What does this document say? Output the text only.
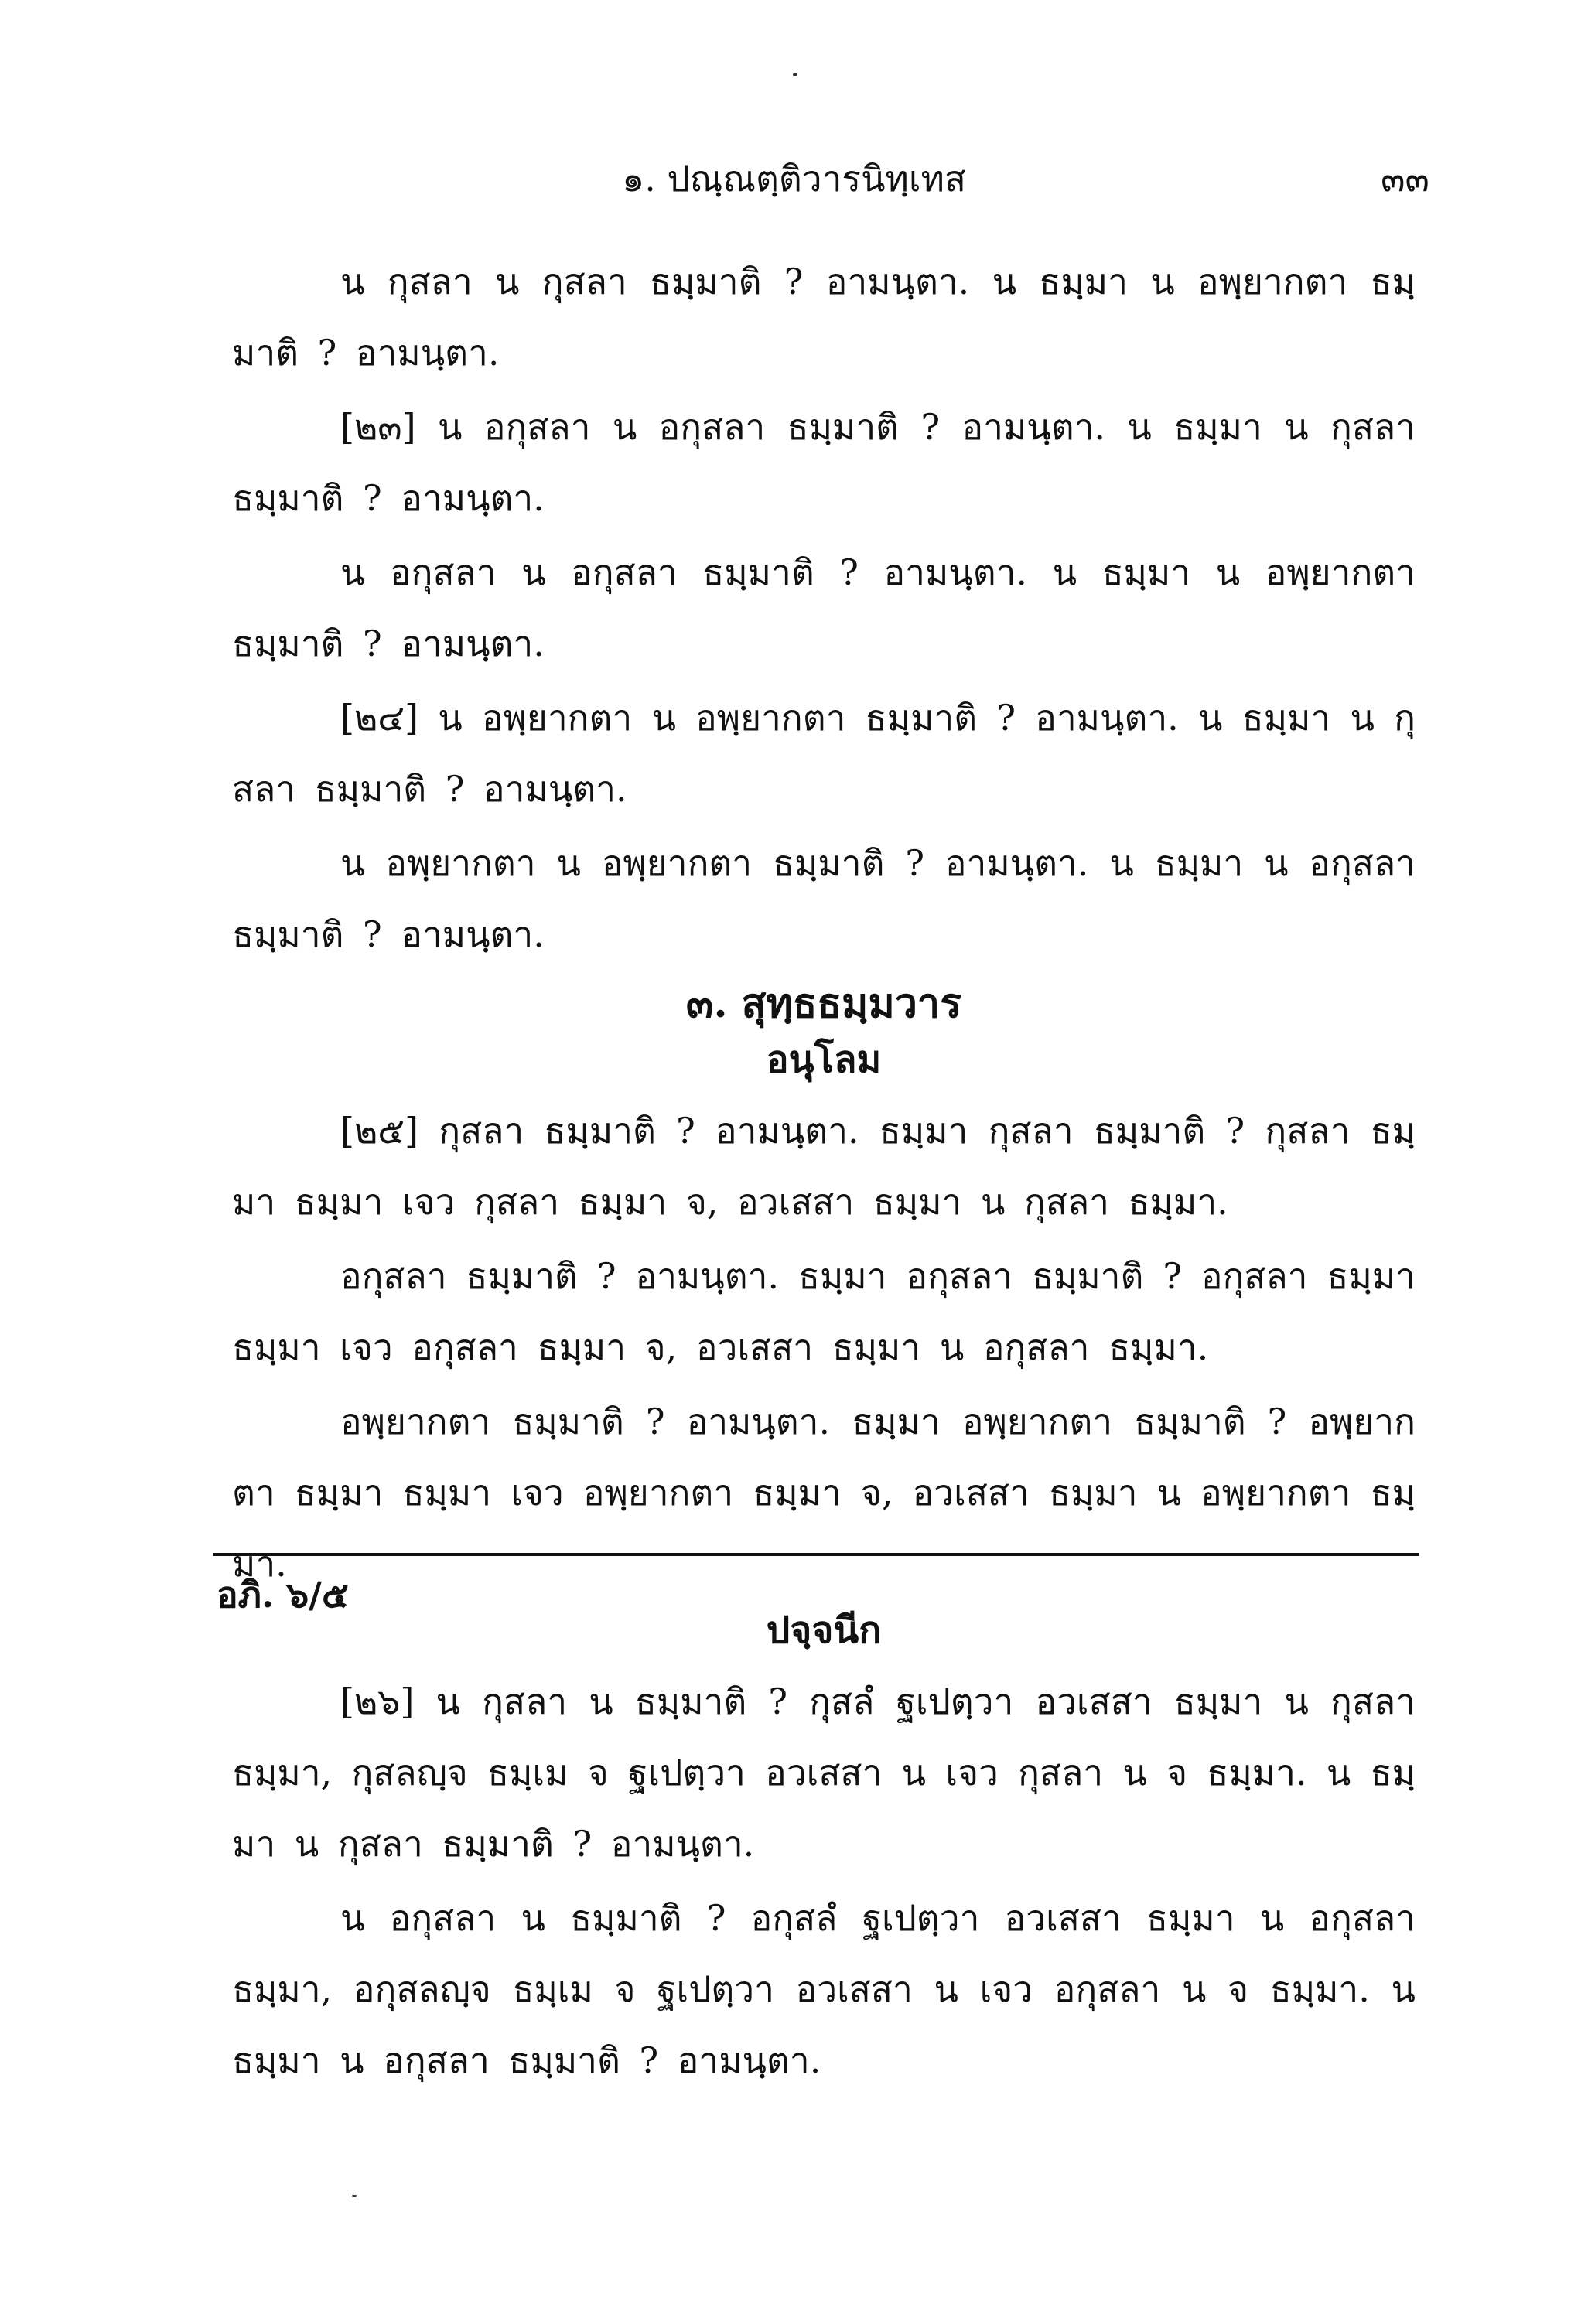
๑. ปณฺณตฺติวารนิทฺเทส	๓๓

น กุสลา น กุสลา ธมฺมาติ ? อามนฺตา. น ธมฺมา น อพฺยากตา ธมฺมาติ ? อามนฺตา.

[๒๓] น อกุสลา น อกุสลา ธมฺมาติ ? อามนฺตา. น ธมฺมา น กุสลา ธมฺมาติ ? อามนฺตา.

น อกุสลา น อกุสลา ธมฺมาติ ? อามนฺตา. น ธมฺมา น อพฺยากตา ธมฺมาติ ? อามนฺตา.

[๒๔] น อพฺยากตา น อพฺยากตา ธมฺมาติ ? อามนฺตา. น ธมฺมา น กุสลา ธมฺมาติ ? อามนฺตา.

น อพฺยากตา น อพฺยากตา ธมฺมาติ ? อามนฺตา. น ธมฺมา น อกุสลา ธมฺมาติ ? อามนฺตา.

๓. สุทฺธธมฺมวาร
อนุโลม

[๒๕] กุสลา ธมฺมาติ ? อามนฺตา. ธมฺมา กุสลา ธมฺมาติ ? กุสลา ธมฺมา ธมฺมา เจว กุสลา ธมฺมา จ, อวเสสา ธมฺมา น กุสลา ธมฺมา.

อกุสลา ธมฺมาติ ? อามนฺตา. ธมฺมา อกุสลา ธมฺมาติ ? อกุสลา ธมฺมา ธมฺมา เจว อกุสลา ธมฺมา จ, อวเสสา ธมฺมา น อกุสลา ธมฺมา.

อพฺยากตา ธมฺมาติ ? อามนฺตา. ธมฺมา อพฺยากตา ธมฺมาติ ? อพฺยากตา ธมฺมา ธมฺมา เจว อพฺยากตา ธมฺมา จ, อวเสสา ธมฺมา น อพฺยากตา ธมฺมา.

ปจฺจนีก

[๒๖] น กุสลา น ธมฺมาติ ? กุสลํ ฐเปตฺวา อวเสสา ธมฺมา น กุสลา ธมฺมา, กุสลญฺจ ธมฺเม จ ฐเปตฺวา อวเสสา น เจว กุสลา น จ ธมฺมา. น ธมฺมา น กุสลา ธมฺมาติ ? อามนฺตา.

น อกุสลา น ธมฺมาติ ? อกุสลํ ฐเปตฺวา อวเสสา ธมฺมา น อกุสลา ธมฺมา, อกุสลญฺจ ธมฺเม จ ฐเปตฺวา อวเสสา น เจว อกุสลา น จ ธมฺมา. น ธมฺมา น อกุสลา ธมฺมาติ ? อามนฺตา.

อภิ. ๖/๕
